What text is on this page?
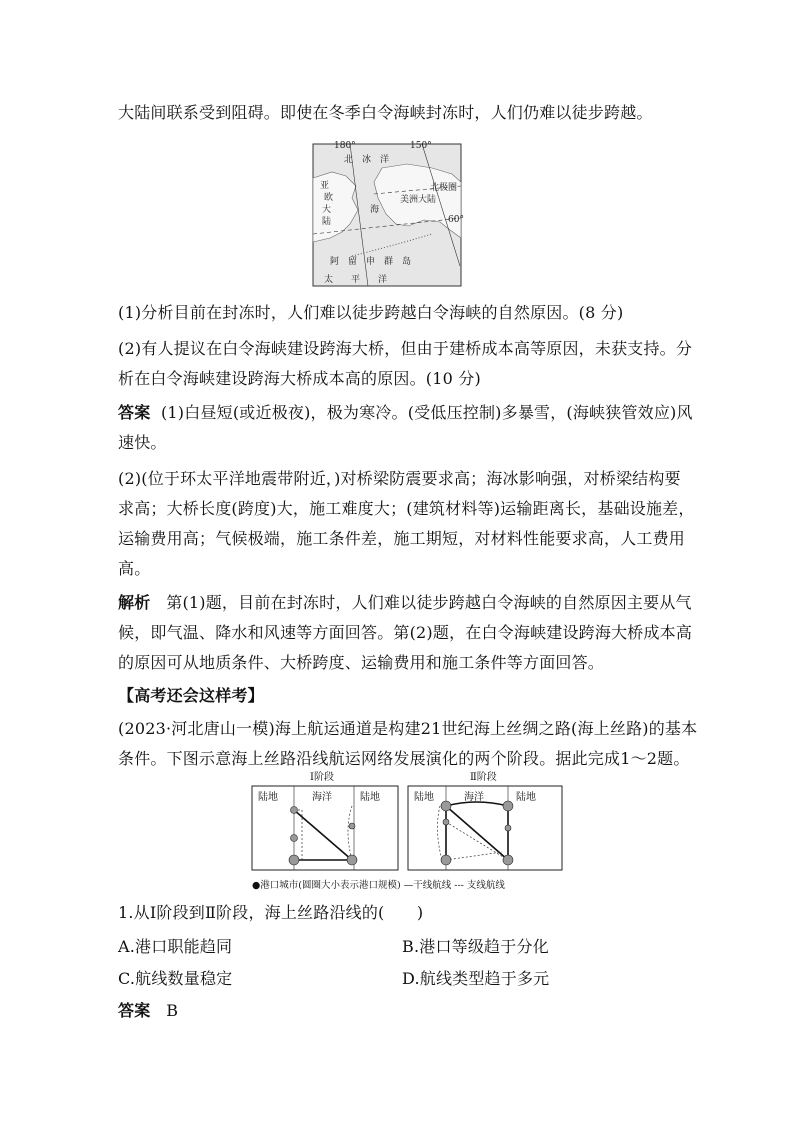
大陆间联系受到阻碍。即使在冬季白令海峡封冻时，人们仍难以徒步跨越。
180°	150°
北　冰　洋
北极圈
亚
欧
大
陆
美洲大陆
海
60°
阿　留　申　群　岛
太　　平　　洋
(1)分析目前在封冻时，人们难以徒步跨越白令海峡的自然原因。(8 分)
(2)有人提议在白令海峡建设跨海大桥，但由于建桥成本高等原因，未获支持。分
析在白令海峡建设跨海大桥成本高的原因。(10 分)
答案 (1)白昼短(或近极夜)，极为寒冷。(受低压控制)多暴雪，(海峡狭管效应)风
速快。
(2)(位于环太平洋地震带附近，)对桥梁防震要求高；海冰影响强，对桥梁结构要
求高；大桥长度(跨度)大，施工难度大；(建筑材料等)运输距离长，基础设施差，
运输费用高；气候极端，施工条件差，施工期短，对材料性能要求高，人工费用
高。
解析 第(1)题，目前在封冻时，人们难以徒步跨越白令海峡的自然原因主要从气
候，即气温、降水和风速等方面回答。第(2)题，在白令海峡建设跨海大桥成本高
的原因可从地质条件、大桥跨度、运输费用和施工条件等方面回答。
【高考还会这样考】
(2023·河北唐山一模)海上航运通道是构建21世纪海上丝绸之路(海上丝路)的基本
条件。下图示意海上丝路沿线航运网络发展演化的两个阶段。据此完成1～2题。
Ⅰ阶段
陆地	海洋	陆地
Ⅱ阶段
陆地	海洋	陆地
●港口城市(圆圈大小表示港口规模) —干线航线 --- 支线航线
1.从Ⅰ阶段到Ⅱ阶段，海上丝路沿线的(　　)
A.港口职能趋同	B.港口等级趋于分化
C.航线数量稳定	D.航线类型趋于多元
答案 B
